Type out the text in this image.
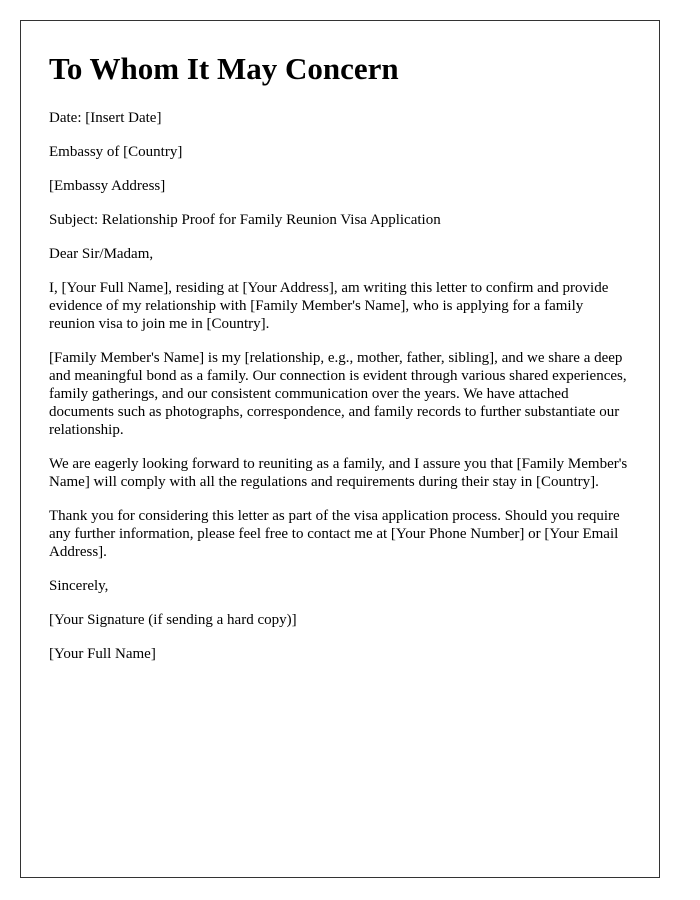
To Whom It May Concern

Date: [Insert Date]

Embassy of [Country]

[Embassy Address]

Subject: Relationship Proof for Family Reunion Visa Application

Dear Sir/Madam,

I, [Your Full Name], residing at [Your Address], am writing this letter to confirm and provide evidence of my relationship with [Family Member's Name], who is applying for a family reunion visa to join me in [Country].

[Family Member's Name] is my [relationship, e.g., mother, father, sibling], and we share a deep and meaningful bond as a family. Our connection is evident through various shared experiences, family gatherings, and our consistent communication over the years. We have attached documents such as photographs, correspondence, and family records to further substantiate our relationship.

We are eagerly looking forward to reuniting as a family, and I assure you that [Family Member's Name] will comply with all the regulations and requirements during their stay in [Country].

Thank you for considering this letter as part of the visa application process. Should you require any further information, please feel free to contact me at [Your Phone Number] or [Your Email Address].

Sincerely,

[Your Signature (if sending a hard copy)]

[Your Full Name]
